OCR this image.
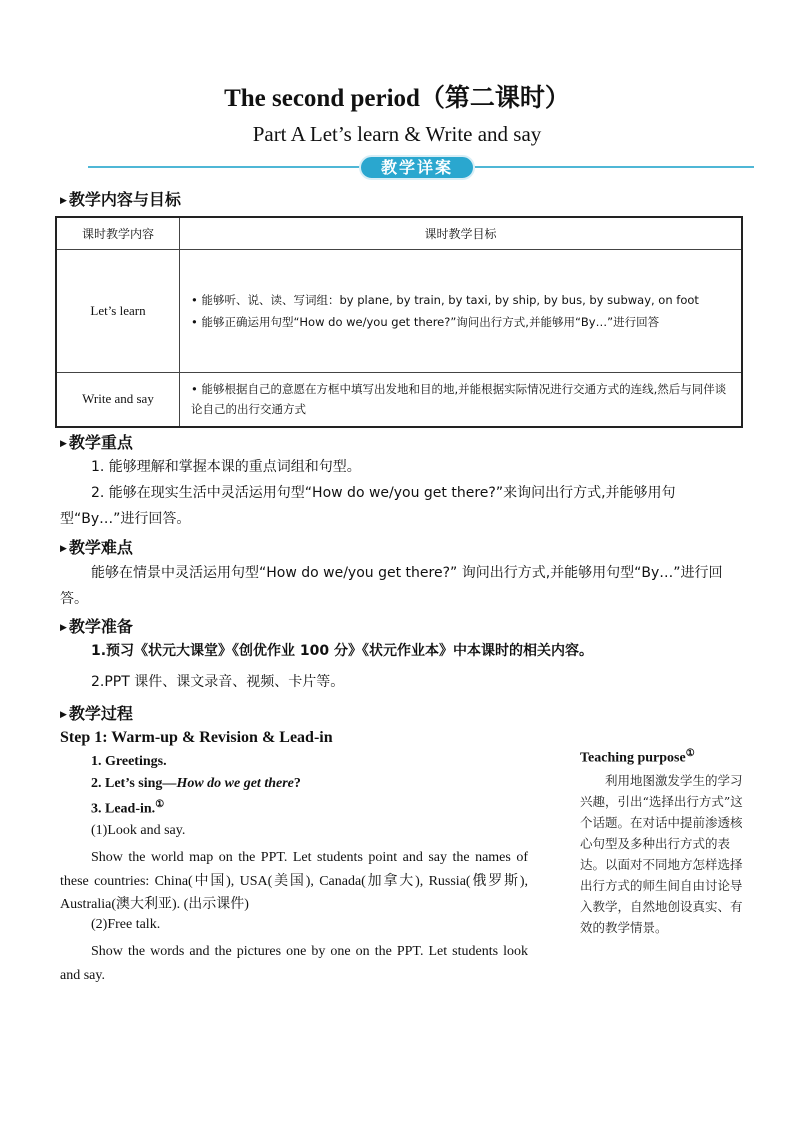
The second period（第二课时）
Part A Let’s learn & Write and say
教学详案
▶ 教学内容与目标
课时教学内容	课时教学目标
Let’s learn	• 能够听、说、读、写词组：by plane, by train, by taxi, by ship, by bus, by subway, on foot
• 能够正确运用句型“How do we/you get there?”询问出行方式,并能够用“By…”进行回答

Write and say	• 能够根据自己的意愿在方框中填写出发地和目的地,并能根据实际情况进行交通方式的连线,然后与同伴谈论自己的出行交通方式
▶ 教学重点
1. 能够理解和掌握本课的重点词组和句型。
2. 能够在现实生活中灵活运用句型“How do we/you get there?”来询问出行方式,并能够用句型“By…”进行回答。
▶ 教学难点
能够在情景中灵活运用句型“How do we/you get there?” 询问出行方式,并能够用句型“By…”进行回答。
▶ 教学准备
1.预习《状元大课堂》《创优作业 100 分》《状元作业本》中本课时的相关内容。
2.PPT 课件、课文录音、视频、卡片等。
▶ 教学过程
Step 1: Warm-up & Revision & Lead-in
1. Greetings.
2. Let’s sing—How do we get there?
3. Lead-in.①
(1)Look and say.
Show the world map on the PPT. Let students point and say the names of these countries: China(中国), USA(美国), Canada(加拿大), Russia(俄罗斯), Australia(澳大利亚). (出示课件)
(2)Free talk.
Show the words and the pictures one by one on the PPT. Let students look and say.
Teaching purpose①
利用地图激发学生的学习兴趣，引出“选择出行方式”这个话题。在对话中提前渗透核心句型及多种出行方式的表达。以面对不同地方怎样选择出行方式的师生间自由讨论导入教学，自然地创设真实、有效的教学情景。
